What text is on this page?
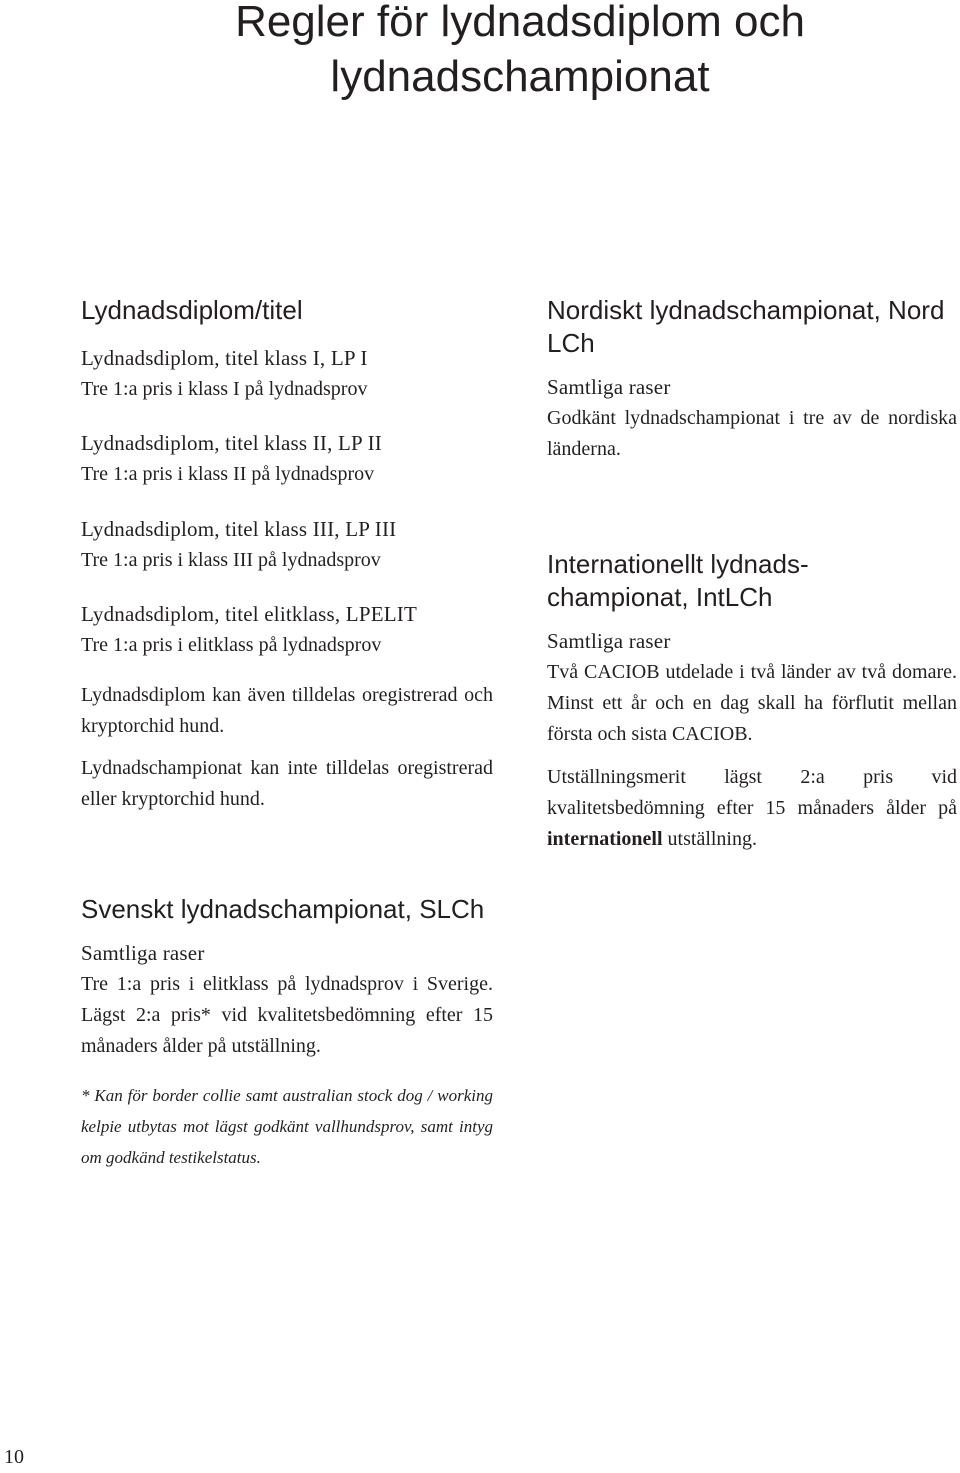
Regler för lydnadsdiplom och lydnadschampionat
Lydnadsdiplom/titel

Lydnadsdiplom, titel klass I, LP I

Tre 1:a pris i klass I på lydnadsprov

Lydnadsdiplom, titel klass II, LP II

Tre 1:a pris i klass II på lydnadsprov

Lydnadsdiplom, titel klass III, LP III

Tre 1:a pris i klass III på lydnadsprov

Lydnadsdiplom, titel elitklass, LPELIT

Tre 1:a pris i elitklass på lydnadsprov

Lydnadsdiplom kan även tilldelas oregistrerad och kryptorchid hund.

Lydnadschampionat kan inte tilldelas oregistrerad eller kryptorchid hund.

Svenskt lydnadschampionat, SLCh

Samtliga raser

Tre 1:a pris i elitklass på lydnadsprov i Sverige. Lägst 2:a pris* vid kvalitetsbedömning efter 15 månaders ålder på utställning.

* Kan för border collie samt australian stock dog / working kelpie utbytas mot lägst godkänt vallhundsprov, samt intyg om godkänd testikelstatus.

Nordiskt lydnadschampionat, Nord LCh

Samtliga raser

Godkänt lydnadschampionat i tre av de nordiska länderna.

Internationellt lydnads-
championat, IntLCh

Samtliga raser

Två CACIOB utdelade i två länder av två domare. Minst ett år och en dag skall ha förflutit mellan första och sista CACIOB.

Utställningsmerit lägst 2:a pris vid kvalitetsbedömning efter 15 månaders ålder på internationell utställning.

10
